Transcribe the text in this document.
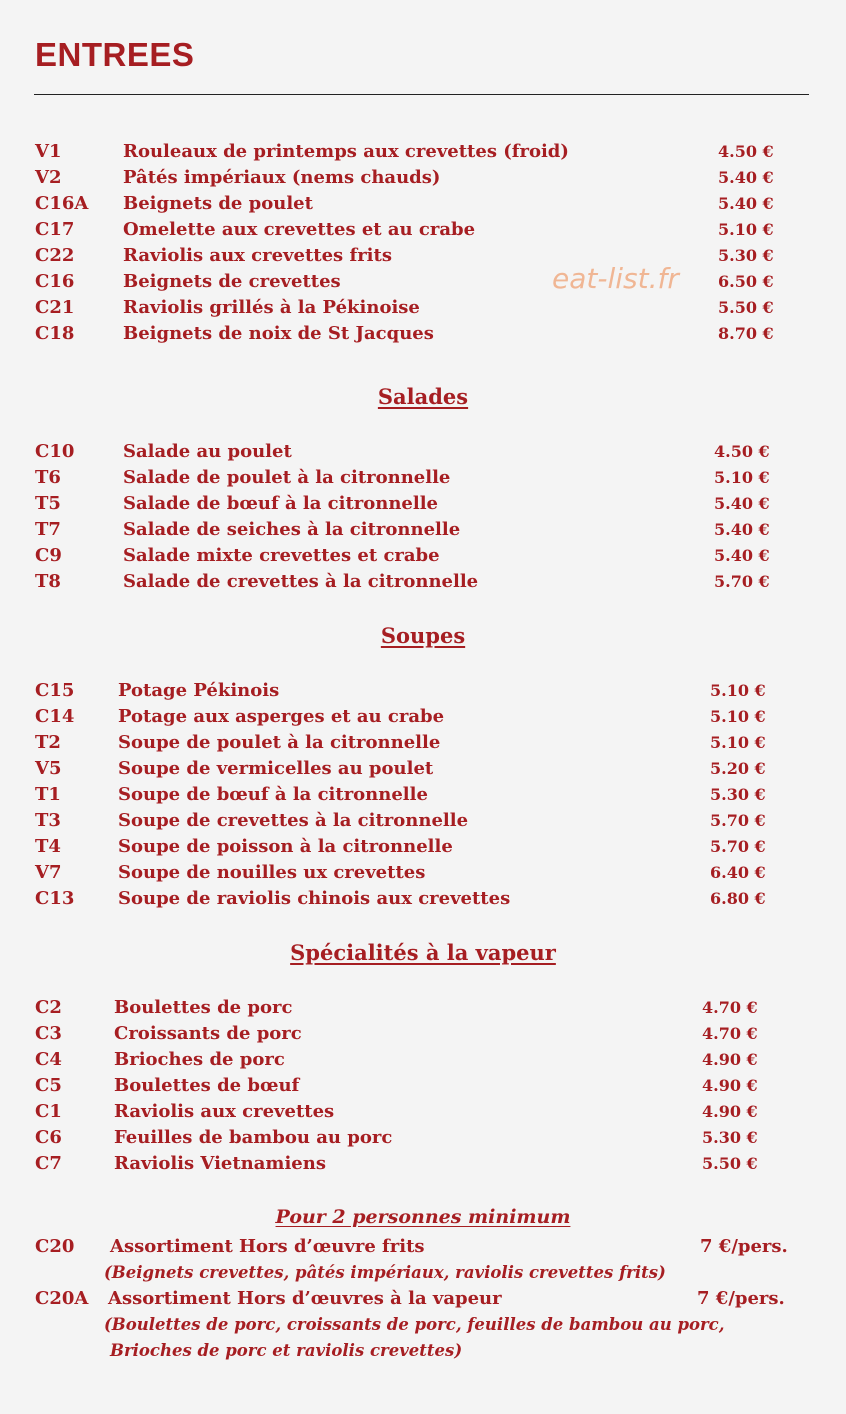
ENTREES
eat-list.fr
V1	Rouleaux de printemps aux crevettes (froid)	4.50 €
V2	Pâtés impériaux (nems chauds)	5.40 €
C16A Beignets de poulet	5.40 €
C17	Omelette aux crevettes et au crabe	5.10 €
C22	Raviolis aux crevettes frits	5.30 €
C16	Beignets de crevettes	6.50 €
C21	Raviolis grillés à la Pékinoise	5.50 €
C18	Beignets de noix de St Jacques	8.70 €
Salades
C10	Salade au poulet	4.50 €
T6	Salade de poulet à la citronnelle	5.10 €
T5	Salade de bœuf à la citronnelle	5.40 €
T7	Salade de seiches à la citronnelle	5.40 €
C9	Salade mixte crevettes et crabe	5.40 €
T8	Salade de crevettes à la citronnelle	5.70 €
Soupes
C15 Potage Pékinois	5.10 €
C14 Potage aux asperges et au crabe	5.10 €
T2	Soupe de poulet à la citronnelle	5.10 €
V5	Soupe de vermicelles au poulet	5.20 €
T1	Soupe de bœuf à la citronnelle	5.30 €
T3	Soupe de crevettes à la citronnelle	5.70 €
T4	Soupe de poisson à la citronnelle	5.70 €
V7	Soupe de nouilles ux crevettes	6.40 €
C13 Soupe de raviolis chinois aux crevettes	6.80 €
Spécialités à la vapeur
C2	Boulettes de porc	4.70 €
C3	Croissants de porc	4.70 €
C4	Brioches de porc	4.90 €
C5	Boulettes de bœuf	4.90 €
C1	Raviolis aux crevettes	4.90 €
C6	Feuilles de bambou au porc	5.30 €
C7	Raviolis Vietnamiens	5.50 €
Pour 2 personnes minimum
C20 Assortiment Hors d’œuvre frits	7 €/pers.
(Beignets crevettes, pâtés impériaux, raviolis crevettes frits)
C20A Assortiment Hors d’œuvres à la vapeur	7 €/pers.
(Boulettes de porc, croissants de porc, feuilles de bambou au porc,
Brioches de porc et raviolis crevettes)
